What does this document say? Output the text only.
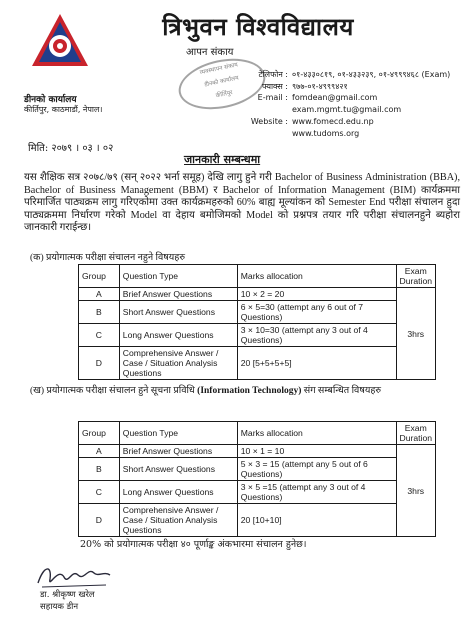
त्रिभुवन विश्वविद्यालय
आपन संकाय
डीनको कार्यालय
कीर्तिपुर, काठमाडौं, नेपाल।
व्यवस्थापन संकाय
डीनको कार्यालय
कीर्तिपुर
टेलिफोन : ०१-४३३०८१९, ०१-४३३२३९, ०१-४९९९४६८ (Exam)
फ्याक्स : ९७७-०१-४९९९४२१
E-mail : fomdean@gmail.com
exam.mgmt.tu@gmail.com
Website : www.fomecd.edu.np
www.tudoms.org
मिति: २०७९ । ०३ । ०२
जानकारी सम्बन्धमा
यस शैक्षिक सत्र २०७८/७९ (सन् २०२२ भर्ना समूह) देखि लागु हुने गरी Bachelor of Business Administration (BBA), Bachelor of Business Management (BBM) र Bachelor of Information Management (BIM) कार्यक्रममा परिमार्जित पाठ्यक्रम लागु गरिएकोमा उक्त कार्यक्रमहरुको 60% बाह्य मूल्यांकन को Semester End परीक्षा संचालन हुदा पाठ्यक्रममा निर्धारण गरेको Model वा देहाय बमोजिमको Model को प्रश्नपत्र तयार गरि परीक्षा संचालनहुने ब्यहोरा जानकारी गराईन्छ।
(क) प्रयोगात्मक परीक्षा संचालन नहुने विषयहरु
Group	Question Type	Marks allocation	Exam Duration
A	Brief Answer Questions	10 × 2 = 20	3hrs
B	Short Answer Questions	6 × 5=30 (attempt any 6 out of 7 Questions)	
C	Long Answer Questions	3 × 10=30 (attempt any 3 out of 4 Questions)	
D	Comprehensive Answer / Case / Situation Analysis Questions	20 [5+5+5+5]	
(ख) प्रयोगात्मक परीक्षा संचालन हुने सूचना प्रविधि (Information Technology) संग सम्बन्धित विषयहरु
Group	Question Type	Marks allocation	Exam Duration
A	Brief Answer Questions	10 × 1 = 10	3hrs
B	Short Answer Questions	5 × 3 = 15 (attempt any 5 out of 6 Questions)	
C	Long Answer Questions	3 × 5 =15 (attempt any 3 out of 4 Questions)	
D	Comprehensive Answer / Case / Situation Analysis Questions	20 [10+10]	
20% को प्रयोगात्मक परीक्षा ४० पूर्णाङ्क अंकभारमा संचालन हुनेछ।
डा. श्रीकृष्ण खरेल
सहायक डीन
